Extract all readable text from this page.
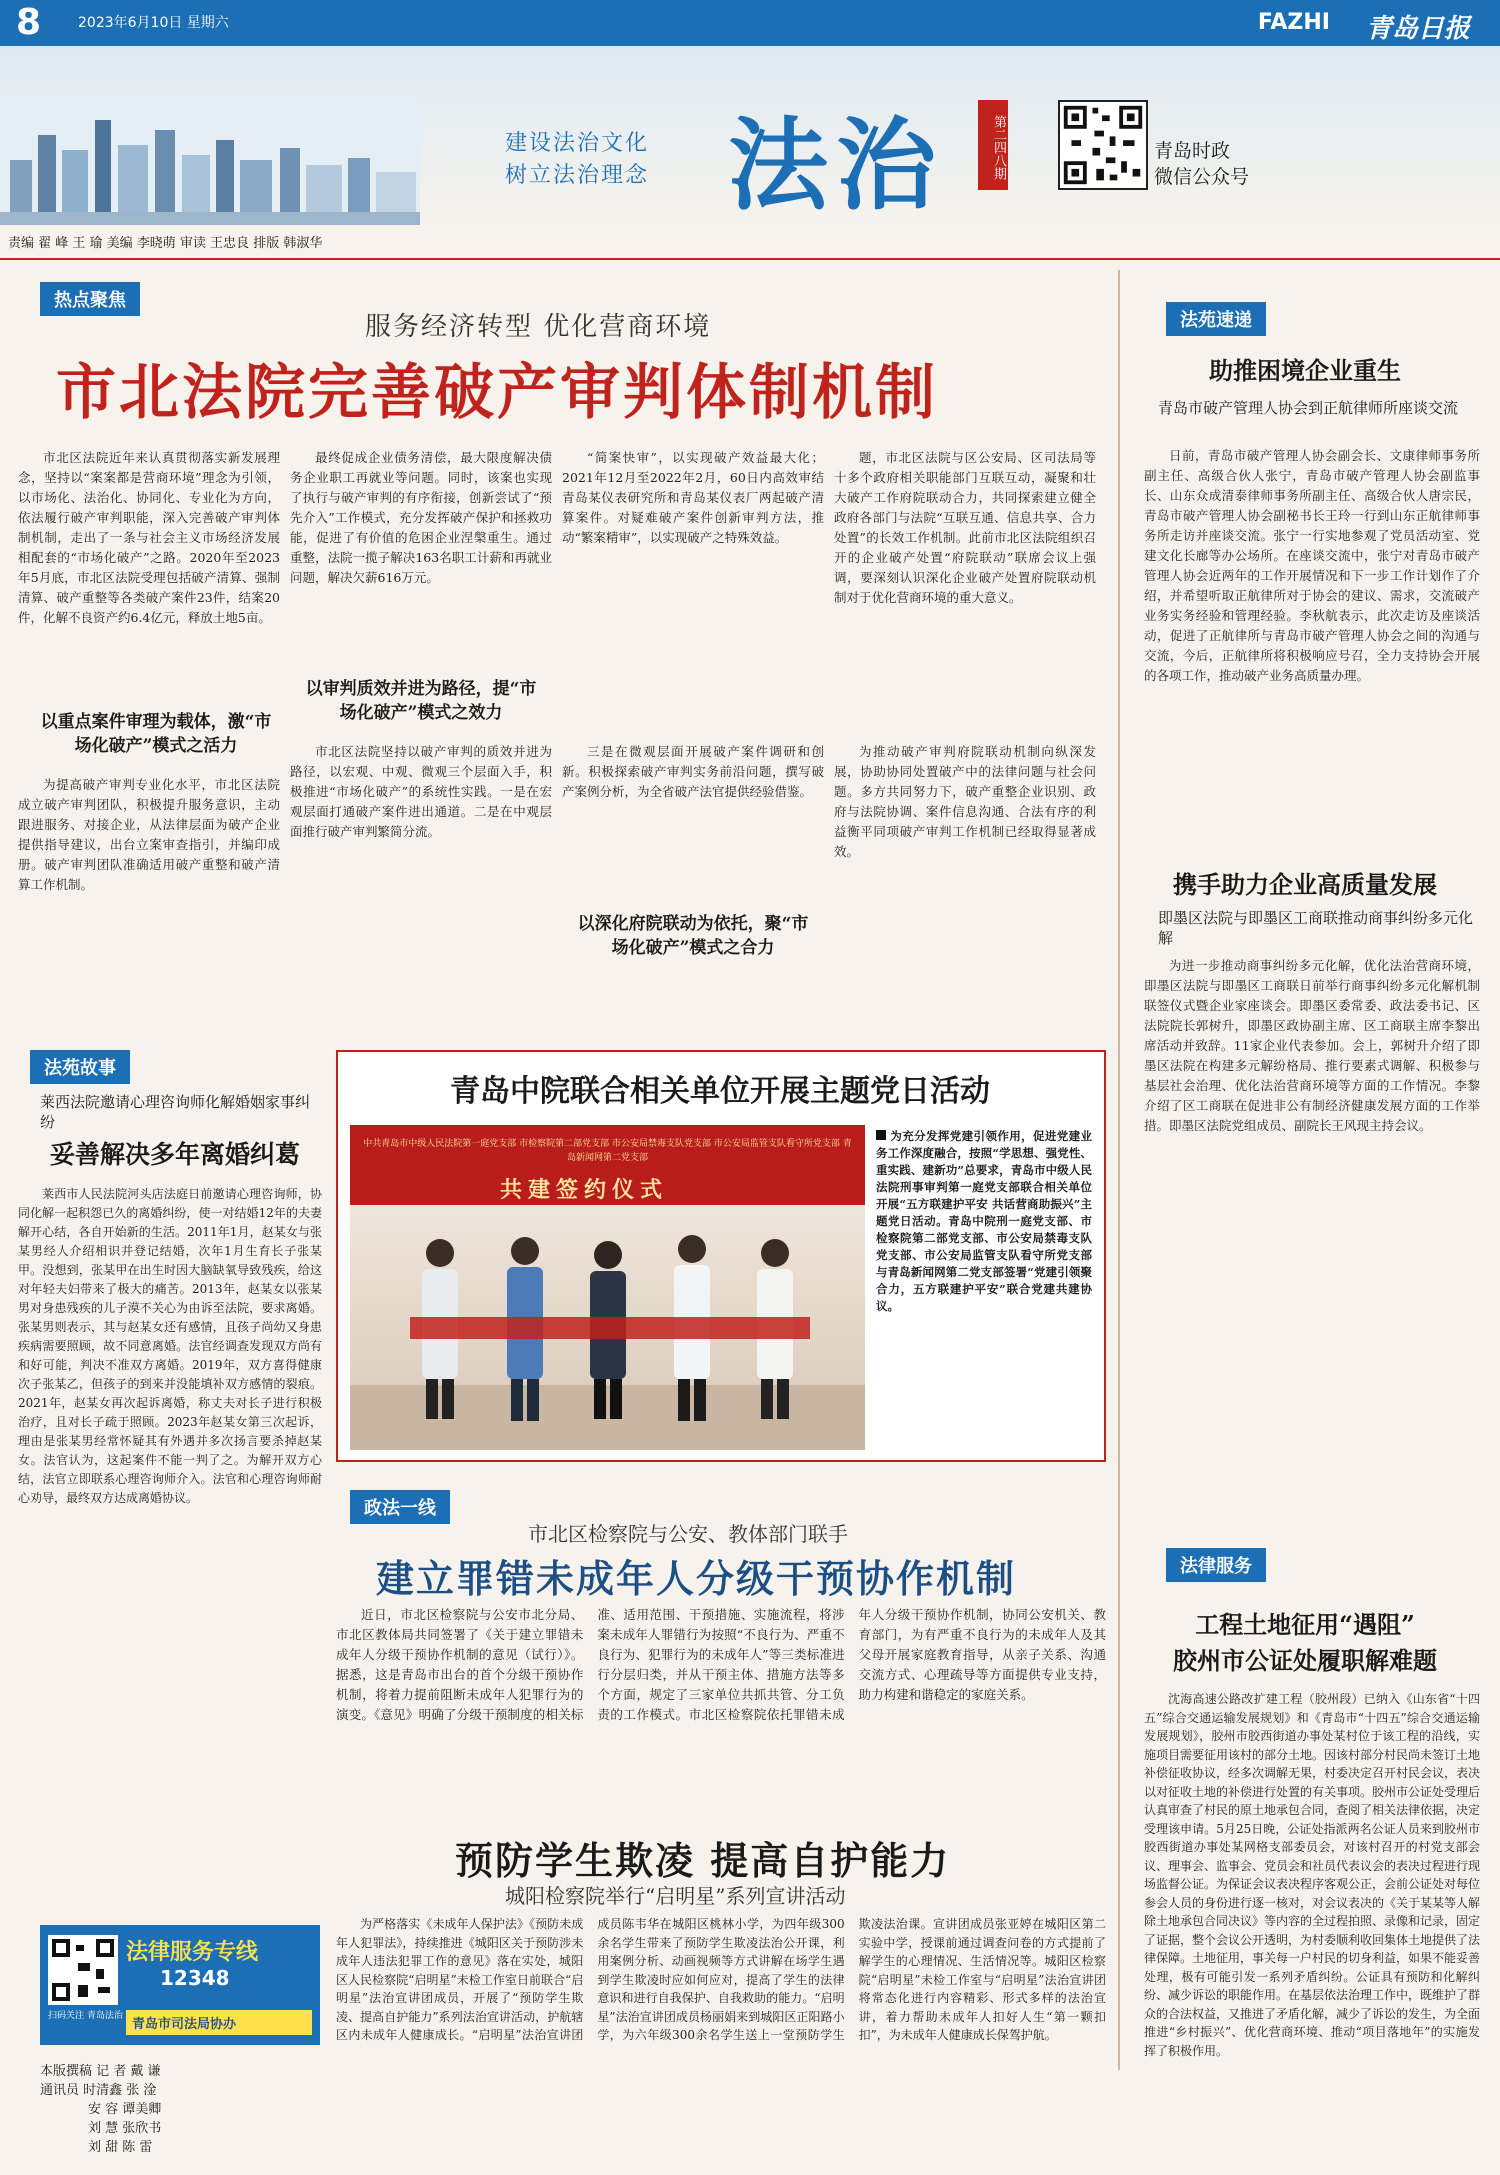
8	2023年6月10日 星期六	FAZHI 青岛日报
建设法治文化
树立法治理念 法治	第二四八期	青岛时政
微信公众号
责编 翟 峰 王 瑜 美编 李晓萌 审读 王忠良 排版 韩淑华
热点聚焦
服务经济转型 优化营商环境
市北法院完善破产审判体制机制

市北区法院近年来认真贯彻落实新发展理念，坚持以“案案都是营商环境”理念为引领，以市场化、法治化、协同化、专业化为方向，依法履行破产审判职能，深入完善破产审判体制机制，走出了一条与社会主义市场经济发展相配套的“市场化破产”之路。2020年至2023年5月底，市北区法院受理包括破产清算、强制清算、破产重整等各类破产案件23件，结案20件，化解不良资产约6.4亿元，释放土地5亩。

以重点案件审理为载体，激“市场化破产”模式之活力

为提高破产审判专业化水平，市北区法院成立破产审判团队，积极提升服务意识，主动跟进服务、对接企业，从法律层面为破产企业提供指导建议，出台立案审查指引，并编印成册。破产审判团队准确适用破产重整和破产清算工作机制。

最终促成企业债务清偿，最大限度解决债务企业职工再就业等问题。同时，该案也实现了执行与破产审判的有序衔接，创新尝试了“预先介入”工作模式，充分发挥破产保护和拯救功能，促进了有价值的危困企业涅槃重生。通过重整，法院一揽子解决163名职工计薪和再就业问题，解决欠薪616万元。

以审判质效并进为路径，提“市场化破产”模式之效力

市北区法院坚持以破产审判的质效并进为路径，以宏观、中观、微观三个层面入手，积极推进“市场化破产”的系统性实践。一是在宏观层面打通破产案件进出通道。二是在中观层面推行破产审判繁简分流。

“简案快审”，以实现破产效益最大化；2021年12月至2022年2月，60日内高效审结青岛某仪表研究所和青岛某仪表厂两起破产清算案件。对疑难破产案件创新审判方法，推动“繁案精审”，以实现破产之特殊效益。

三是在微观层面开展破产案件调研和创新。积极探索破产审判实务前沿问题，撰写破产案例分析，为全省破产法官提供经验借鉴。

以深化府院联动为依托，聚“市场化破产”模式之合力

题，市北区法院与区公安局、区司法局等十多个政府相关职能部门互联互动，凝聚和壮大破产工作府院联动合力，共同探索建立健全政府各部门与法院“互联互通、信息共享、合力处置”的长效工作机制。此前市北区法院组织召开的企业破产处置“府院联动”联席会议上强调，要深刻认识深化企业破产处置府院联动机制对于优化营商环境的重大意义。

为推动破产审判府院联动机制向纵深发展，协助协同处置破产中的法律问题与社会问题。多方共同努力下，破产重整企业识别、政府与法院协调、案件信息沟通、合法有序的利益衡平同项破产审判工作机制已经取得显著成效。

法苑速递
助推困境企业重生
青岛市破产管理人协会到正航律师所座谈交流

日前，青岛市破产管理人协会副会长、文康律师事务所副主任、高级合伙人张宁，青岛市破产管理人协会副监事长、山东众成清泰律师事务所副主任、高级合伙人唐宗民，青岛市破产管理人协会副秘书长王玲一行到山东正航律师事务所走访并座谈交流。张宁一行实地参观了党员活动室、党建文化长廊等办公场所。在座谈交流中，张宁对青岛市破产管理人协会近两年的工作开展情况和下一步工作计划作了介绍，并希望听取正航律所对于协会的建议、需求，交流破产业务实务经验和管理经验。李秋航表示，此次走访及座谈活动，促进了正航律所与青岛市破产管理人协会之间的沟通与交流，今后，正航律所将积极响应号召，全力支持协会开展的各项工作，推动破产业务高质量办理。

携手助力企业高质量发展
即墨区法院与即墨区工商联推动商事纠纷多元化解

为进一步推动商事纠纷多元化解，优化法治营商环境，即墨区法院与即墨区工商联日前举行商事纠纷多元化解机制联签仪式暨企业家座谈会。即墨区委常委、政法委书记、区法院院长郭树升，即墨区政协副主席、区工商联主席李黎出席活动并致辞。11家企业代表参加。会上，郭树升介绍了即墨区法院在构建多元解纷格局、推行要素式调解、积极参与基层社会治理、优化法治营商环境等方面的工作情况。李黎介绍了区工商联在促进非公有制经济健康发展方面的工作举措。即墨区法院党组成员、副院长王风现主持会议。

法律服务
工程土地征用“遇阻”
胶州市公证处履职解难题

沈海高速公路改扩建工程（胶州段）已纳入《山东省“十四五”综合交通运输发展规划》和《青岛市“十四五”综合交通运输发展规划》，胶州市胶西街道办事处某村位于该工程的沿线，实施项目需要征用该村的部分土地。因该村部分村民尚未签订土地补偿征收协议，经多次调解无果，村委决定召开村民会议，表决以对征收土地的补偿进行处置的有关事项。胶州市公证处受理后认真审查了村民的原土地承包合同，查阅了相关法律依据，决定受理该申请。5月25日晚，公证处指派两名公证人员来到胶州市胶西街道办事处某网格支部委员会，对该村召开的村党支部会议、理事会、监事会、党员会和社员代表议会的表决过程进行现场监督公证。为保证会议表决程序客观公正，会前公证处对每位参会人员的身份进行逐一核对，对会议表决的《关于某某等人解除土地承包合同决议》等内容的全过程拍照、录像和记录，固定了证据，整个会议公开透明，为村委顺利收回集体土地提供了法律保障。土地征用，事关每一户村民的切身利益，如果不能妥善处理，极有可能引发一系列矛盾纠纷。公证具有预防和化解纠纷、减少诉讼的职能作用。在基层依法治理工作中，既维护了群众的合法权益，又推进了矛盾化解，减少了诉讼的发生，为全面推进“乡村振兴”、优化营商环境、推动“项目落地年”的实施发挥了积极作用。

法苑故事
莱西法院邀请心理咨询师化解婚姻家事纠纷
妥善解决多年离婚纠葛

莱西市人民法院河头店法庭日前邀请心理咨询师，协同化解一起积怨已久的离婚纠纷，使一对结婚12年的夫妻解开心结，各自开始新的生活。2011年1月，赵某女与张某男经人介绍相识并登记结婚，次年1月生育长子张某甲。没想到，张某甲在出生时因大脑缺氧导致残疾，给这对年轻夫妇带来了极大的痛苦。2013年，赵某女以张某男对身患残疾的儿子漠不关心为由诉至法院，要求离婚。张某男则表示，其与赵某女还有感情，且孩子尚幼又身患疾病需要照顾，故不同意离婚。法官经调查发现双方尚有和好可能，判决不准双方离婚。2019年，双方喜得健康次子张某乙，但孩子的到来并没能填补双方感情的裂痕。2021年，赵某女再次起诉离婚，称丈夫对长子进行积极治疗，且对长子疏于照顾。2023年赵某女第三次起诉，理由是张某男经常怀疑其有外遇并多次扬言要杀掉赵某女。法官认为，这起案件不能一判了之。为解开双方心结，法官立即联系心理咨询师介入。法官和心理咨询师耐心劝导，最终双方达成离婚协议。

青岛中院联合相关单位开展主题党日活动
中共青岛市中级人民法院第一庭党支部 市检察院第二部党支部 市公安局禁毒支队党支部 市公安局监管支队看守所党支部 青岛新闻网第二党支部
共建签约仪式
为充分发挥党建引领作用，促进党建业务工作深度融合，按照“学思想、强党性、重实践、建新功”总要求，青岛市中级人民法院刑事审判第一庭党支部联合相关单位开展“五方联建护平安 共话营商助振兴”主题党日活动。青岛中院刑一庭党支部、市检察院第二部党支部、市公安局禁毒支队党支部、市公安局监管支队看守所党支部与青岛新闻网第二党支部签署“党建引领聚合力，五方联建护平安”联合党建共建协议。
政法一线
市北区检察院与公安、教体部门联手
建立罪错未成年人分级干预协作机制

近日，市北区检察院与公安市北分局、市北区教体局共同签署了《关于建立罪错未成年人分级干预协作机制的意见（试行）》。据悉，这是青岛市出台的首个分级干预协作机制，将着力提前阻断未成年人犯罪行为的演变。《意见》明确了分级干预制度的相关标准、适用范围、干预措施、实施流程，将涉案未成年人罪错行为按照“不良行为、严重不良行为、犯罪行为的未成年人”等三类标准进行分层归类，并从干预主体、措施方法等多个方面，规定了三家单位共抓共管、分工负责的工作模式。市北区检察院依托罪错未成年人分级干预协作机制，协同公安机关、教育部门，为有严重不良行为的未成年人及其父母开展家庭教育指导，从亲子关系、沟通交流方式、心理疏导等方面提供专业支持，助力构建和谐稳定的家庭关系。

预防学生欺凌 提高自护能力
城阳检察院举行“启明星”系列宣讲活动

为严格落实《未成年人保护法》《预防未成年人犯罪法》，持续推进《城阳区关于预防涉未成年人违法犯罪工作的意见》落在实处，城阳区人民检察院“启明星”未检工作室日前联合“启明星”法治宣讲团成员，开展了“预防学生欺凌、提高自护能力”系列法治宣讲活动，护航辖区内未成年人健康成长。“启明星”法治宣讲团成员陈韦华在城阳区桃林小学，为四年级300余名学生带来了预防学生欺凌法治公开课，利用案例分析、动画视频等方式讲解在场学生遇到学生欺凌时应如何应对，提高了学生的法律意识和进行自我保护、自我救助的能力。“启明星”法治宣讲团成员杨丽娟来到城阳区正阳路小学，为六年级300余名学生送上一堂预防学生欺凌法治课。宣讲团成员张亚婷在城阳区第二实验中学，授课前通过调查问卷的方式提前了解学生的心理情况、生活情况等。城阳区检察院“启明星”未检工作室与“启明星”法治宣讲团将常态化进行内容精彩、形式多样的法治宣讲，着力帮助未成年人扣好人生“第一颗扣扣”，为未成年人健康成长保驾护航。

扫码关注 青岛法治
法律服务专线
12348
青岛市司法局协办
本版撰稿 记 者 戴 谦
通讯员 时清鑫 张 淦
安 容 谭美卿
刘 慧 张欣书
刘 甜 陈 雷
